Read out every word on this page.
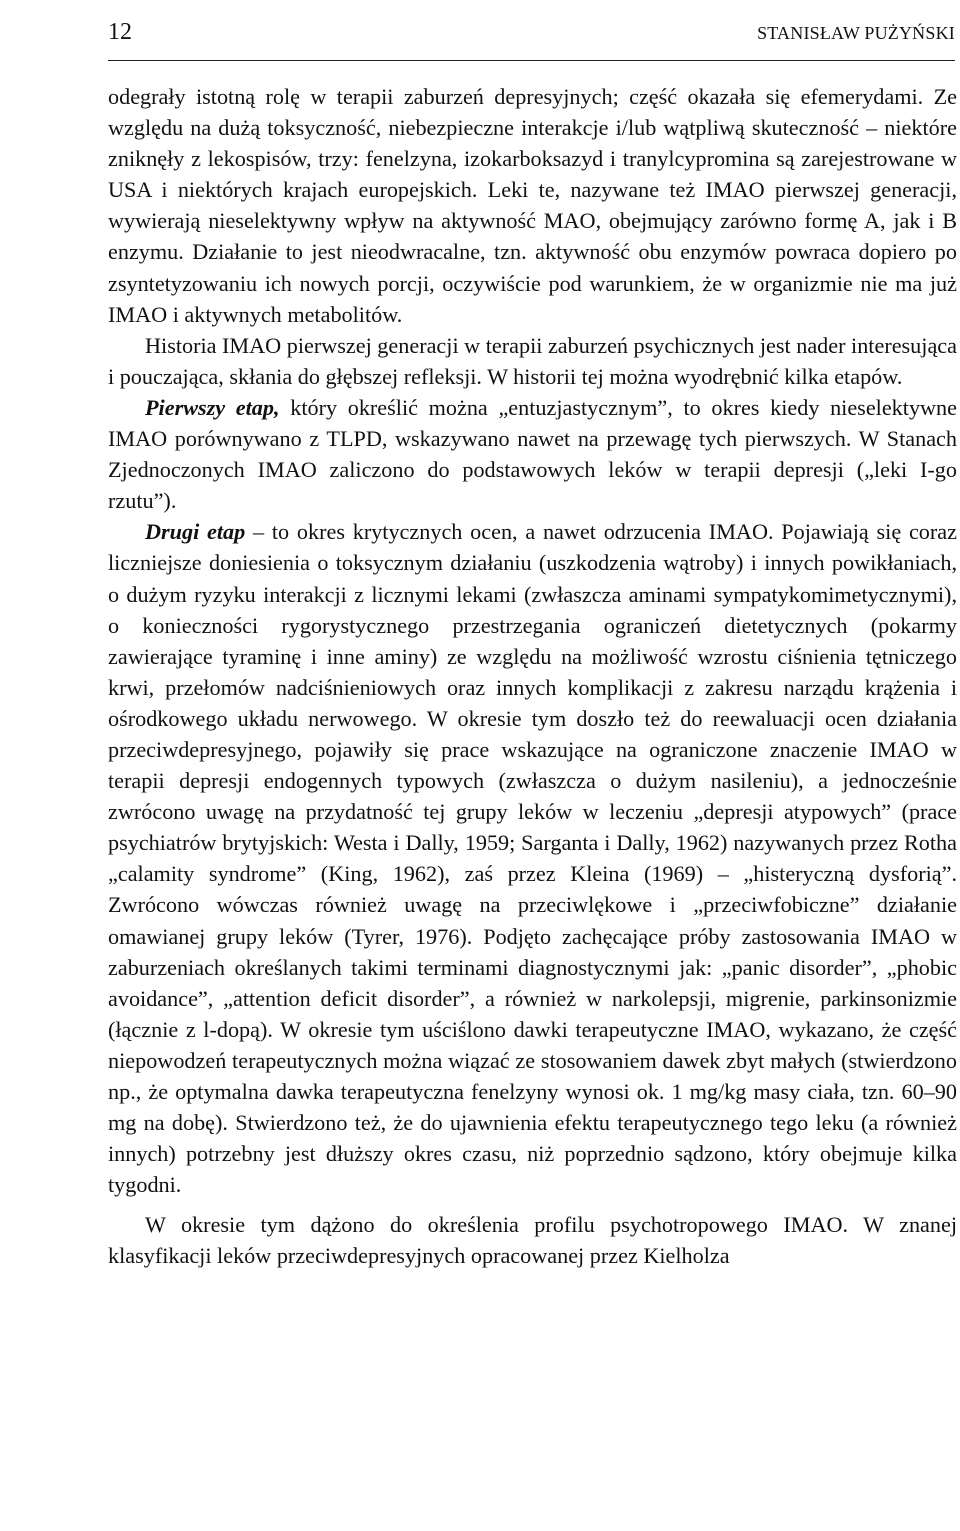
12	STANISŁAW PUŻYŃSKI

odegrały istotną rolę w terapii zaburzeń depresyjnych; część okazała się efemerydami. Ze względu na dużą toksyczność, niebezpieczne interakcje i/lub wątpliwą skuteczność – niektóre zniknęły z lekospisów, trzy: fenelzyna, izokarboksazyd i tranylcypromina są zarejestrowane w USA i niektórych krajach europejskich. Leki te, nazywane też IMAO pierwszej generacji, wywierają nieselektywny wpływ na aktywność MAO, obejmujący zarówno formę A, jak i B enzymu. Działanie to jest nieodwracalne, tzn. aktywność obu enzymów powraca dopiero po zsyntetyzowaniu ich nowych porcji, oczywiście pod warunkiem, że w organizmie nie ma już IMAO i aktywnych metabolitów.

Historia IMAO pierwszej generacji w terapii zaburzeń psychicznych jest nader interesująca i pouczająca, skłania do głębszej refleksji. W historii tej można wyodrębnić kilka etapów.

Pierwszy etap, który określić można „entuzjastycznym”, to okres kiedy nieselektywne IMAO porównywano z TLPD, wskazywano nawet na przewagę tych pierwszych. W Stanach Zjednoczonych IMAO zaliczono do podstawowych leków w terapii depresji („leki I-go rzutu”).

Drugi etap – to okres krytycznych ocen, a nawet odrzucenia IMAO. Pojawiają się coraz liczniejsze doniesienia o toksycznym działaniu (uszkodzenia wątroby) i innych powikłaniach, o dużym ryzyku interakcji z licznymi lekami (zwłaszcza aminami sympatykomimetycznymi), o konieczności rygorystycznego przestrzegania ograniczeń dietetycznych (pokarmy zawierające tyraminę i inne aminy) ze względu na możliwość wzrostu ciśnienia tętniczego krwi, przełomów nadciśnieniowych oraz innych komplikacji z zakresu narządu krążenia i ośrodkowego układu nerwowego. W okresie tym doszło też do reewaluacji ocen działania przeciwdepresyjnego, pojawiły się prace wskazujące na ograniczone znaczenie IMAO w terapii depresji endogennych typowych (zwłaszcza o dużym nasileniu), a jednocześnie zwrócono uwagę na przydatność tej grupy leków w leczeniu „depresji atypowych” (prace psychiatrów brytyjskich: Westa i Dally, 1959; Sarganta i Dally, 1962) nazywanych przez Rotha „calamity syndrome” (King, 1962), zaś przez Kleina (1969) – „histeryczną dysforią”. Zwrócono wówczas również uwagę na przeciwlękowe i „przeciwfobiczne” działanie omawianej grupy leków (Tyrer, 1976). Podjęto zachęcające próby zastosowania IMAO w zaburzeniach określanych takimi terminami diagnostycznymi jak: „panic disorder”, „phobic avoidance”, „attention deficit disorder”, a również w narkolepsji, migrenie, parkinsonizmie (łącznie z l-dopą). W okresie tym uściślono dawki terapeutyczne IMAO, wykazano, że część niepowodzeń terapeutycznych można wiązać ze stosowaniem dawek zbyt małych (stwierdzono np., że optymalna dawka terapeutyczna fenelzyny wynosi ok. 1 mg/kg masy ciała, tzn. 60–90 mg na dobę). Stwierdzono też, że do ujawnienia efektu terapeutycznego tego leku (a również innych) potrzebny jest dłuższy okres czasu, niż poprzednio sądzono, który obejmuje kilka tygodni.

W okresie tym dążono do określenia profilu psychotropowego IMAO. W znanej klasyfikacji leków przeciwdepresyjnych opracowanej przez Kielholza
